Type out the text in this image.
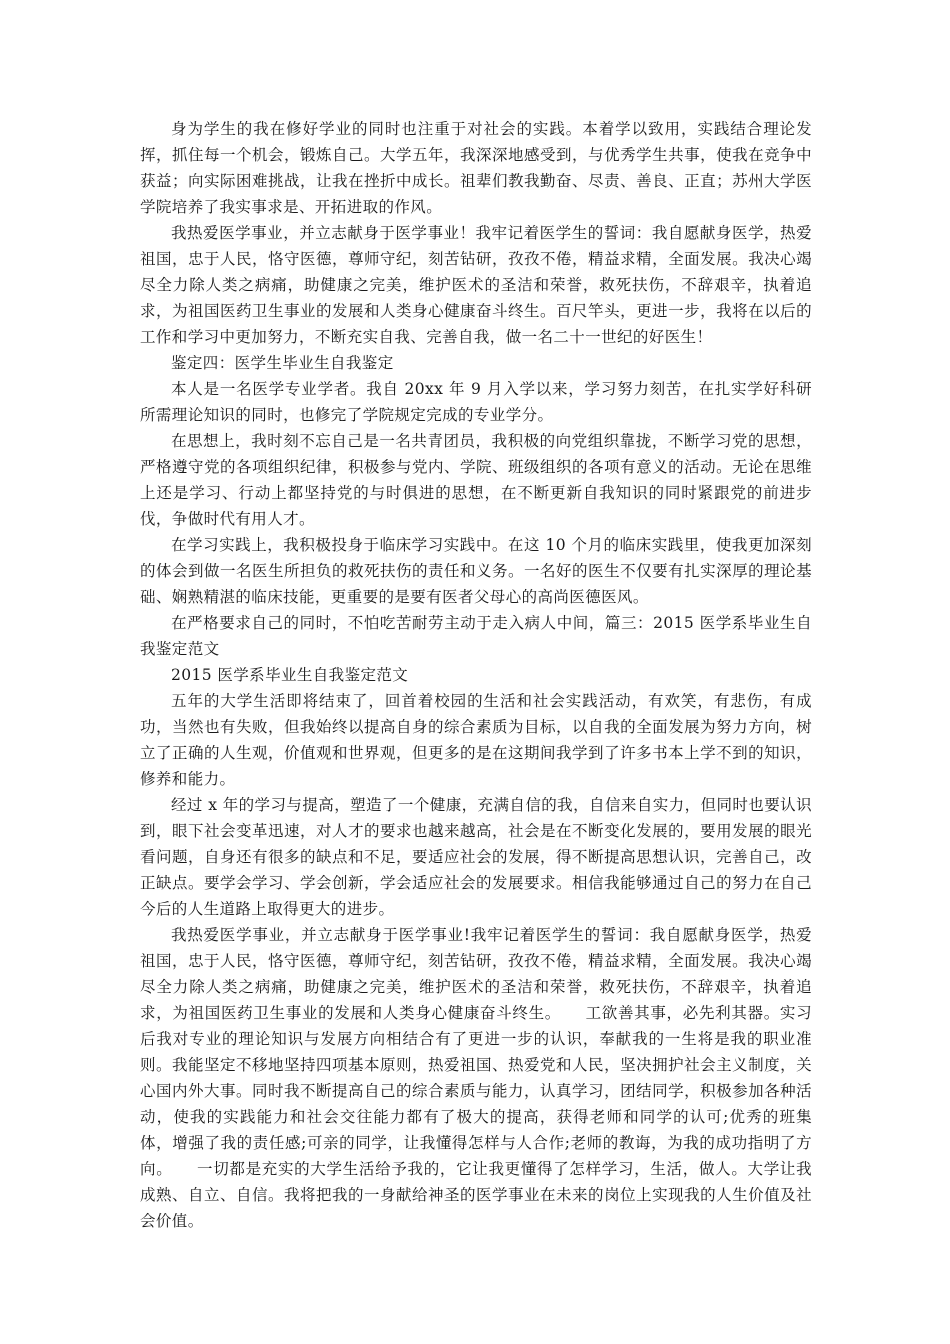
身为学生的我在修好学业的同时也注重于对社会的实践。本着学以致用，实践结合理论发挥，抓住每一个机会，锻炼自己。大学五年，我深深地感受到，与优秀学生共事，使我在竞争中获益；向实际困难挑战，让我在挫折中成长。祖辈们教我勤奋、尽责、善良、正直；苏州大学医学院培养了我实事求是、开拓进取的作风。

我热爱医学事业，并立志献身于医学事业！我牢记着医学生的誓词：我自愿献身医学，热爱祖国，忠于人民，恪守医德，尊师守纪，刻苦钻研，孜孜不倦，精益求精，全面发展。我决心竭尽全力除人类之病痛，助健康之完美，维护医术的圣洁和荣誉，救死扶伤，不辞艰辛，执着追求，为祖国医药卫生事业的发展和人类身心健康奋斗终生。百尺竿头，更进一步，我将在以后的工作和学习中更加努力，不断充实自我、完善自我，做一名二十一世纪的好医生！

鉴定四：医学生毕业生自我鉴定

本人是一名医学专业学者。我自 20xx 年 9 月入学以来，学习努力刻苦，在扎实学好科研所需理论知识的同时，也修完了学院规定完成的专业学分。

在思想上，我时刻不忘自己是一名共青团员，我积极的向党组织靠拢，不断学习党的思想，严格遵守党的各项组织纪律，积极参与党内、学院、班级组织的各项有意义的活动。无论在思维上还是学习、行动上都坚持党的与时俱进的思想，在不断更新自我知识的同时紧跟党的前进步伐，争做时代有用人才。

在学习实践上，我积极投身于临床学习实践中。在这 10 个月的临床实践里，使我更加深刻的体会到做一名医生所担负的救死扶伤的责任和义务。一名好的医生不仅要有扎实深厚的理论基础、娴熟精湛的临床技能，更重要的是要有医者父母心的高尚医德医风。

在严格要求自己的同时，不怕吃苦耐劳主动于走入病人中间，篇三：2015 医学系毕业生自我鉴定范文

2015 医学系毕业生自我鉴定范文

五年的大学生活即将结束了，回首着校园的生活和社会实践活动，有欢笑，有悲伤，有成功，当然也有失败，但我始终以提高自身的综合素质为目标，以自我的全面发展为努力方向，树立了正确的人生观，价值观和世界观，但更多的是在这期间我学到了许多书本上学不到的知识，修养和能力。

经过 x 年的学习与提高，塑造了一个健康，充满自信的我，自信来自实力，但同时也要认识到，眼下社会变革迅速，对人才的要求也越来越高，社会是在不断变化发展的，要用发展的眼光看问题，自身还有很多的缺点和不足，要适应社会的发展，得不断提高思想认识，完善自己，改正缺点。要学会学习、学会创新，学会适应社会的发展要求。相信我能够通过自己的努力在自己今后的人生道路上取得更大的进步。

我热爱医学事业，并立志献身于医学事业!我牢记着医学生的誓词：我自愿献身医学，热爱祖国，忠于人民，恪守医德，尊师守纪，刻苦钻研，孜孜不倦，精益求精，全面发展。我决心竭尽全力除人类之病痛，助健康之完美，维护医术的圣洁和荣誉，救死扶伤，不辞艰辛，执着追求，为祖国医药卫生事业的发展和人类身心健康奋斗终生。　　工欲善其事，必先利其器。实习后我对专业的理论知识与发展方向相结合有了更进一步的认识，奉献我的一生将是我的职业准则。我能坚定不移地坚持四项基本原则，热爱祖国、热爱党和人民，坚决拥护社会主义制度，关心国内外大事。同时我不断提高自己的综合素质与能力，认真学习，团结同学，积极参加各种活动，使我的实践能力和社会交往能力都有了极大的提高，获得老师和同学的认可;优秀的班集体，增强了我的责任感;可亲的同学，让我懂得怎样与人合作;老师的教诲，为我的成功指明了方向。　　一切都是充实的大学生活给予我的，它让我更懂得了怎样学习，生活，做人。大学让我成熟、自立、自信。我将把我的一身献给神圣的医学事业在未来的岗位上实现我的人生价值及社会价值。
